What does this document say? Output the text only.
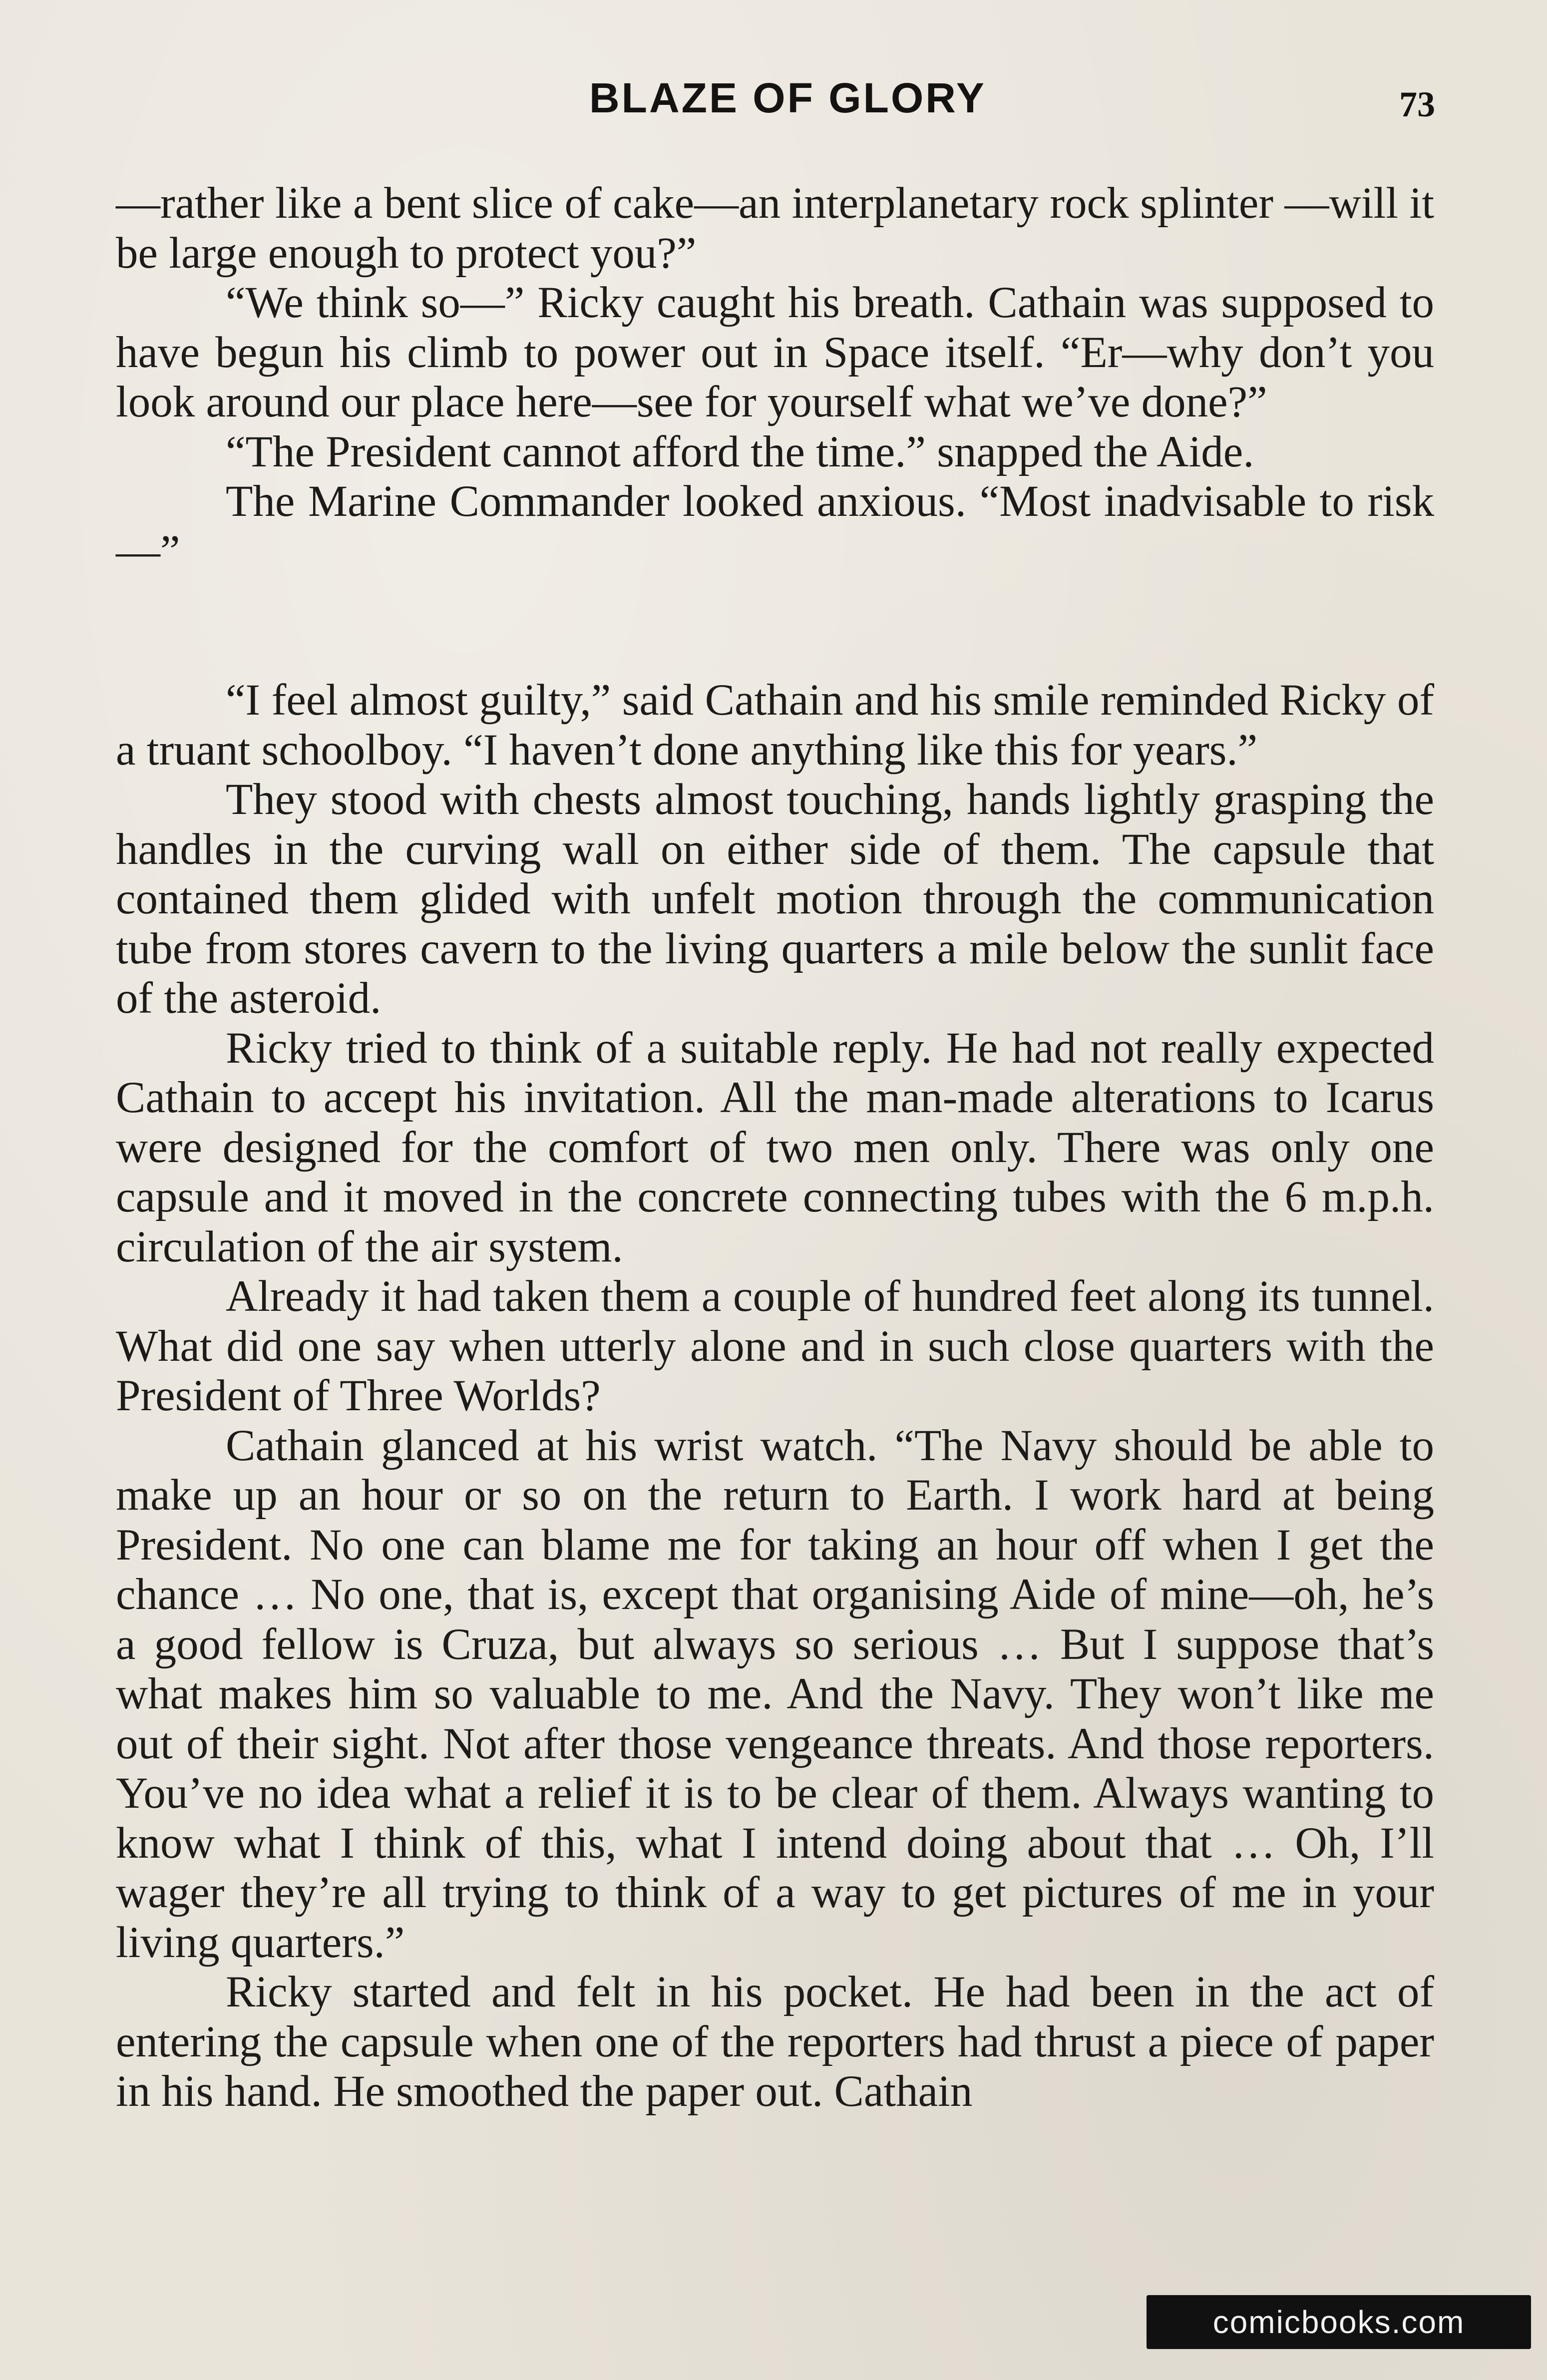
BLAZE OF GLORY	73

—rather like a bent slice of cake—an interplanetary rock splinter —will it be large enough to protect you?”

“We think so—” Ricky caught his breath. Cathain was supposed to have begun his climb to power out in Space itself. “Er—why don’t you look around our place here—see for yourself what we’ve done?”

“The President cannot afford the time.” snapped the Aide.

The Marine Commander looked anxious. “Most inadvisable to risk—”

“I feel almost guilty,” said Cathain and his smile reminded Ricky of a truant schoolboy. “I haven’t done anything like this for years.”

They stood with chests almost touching, hands lightly grasping the handles in the curving wall on either side of them. The capsule that contained them glided with unfelt motion through the communication tube from stores cavern to the living quarters a mile below the sunlit face of the asteroid.

Ricky tried to think of a suitable reply. He had not really expected Cathain to accept his invitation. All the man-made alterations to Icarus were designed for the comfort of two men only. There was only one capsule and it moved in the concrete connecting tubes with the 6 m.p.h. circulation of the air system.

Already it had taken them a couple of hundred feet along its tunnel. What did one say when utterly alone and in such close quarters with the President of Three Worlds?

Cathain glanced at his wrist watch. “The Navy should be able to make up an hour or so on the return to Earth. I work hard at being President. No one can blame me for taking an hour off when I get the chance … No one, that is, except that organising Aide of mine—oh, he’s a good fellow is Cruza, but always so serious … But I suppose that’s what makes him so valuable to me. And the Navy. They won’t like me out of their sight. Not after those vengeance threats. And those reporters. You’ve no idea what a relief it is to be clear of them. Always wanting to know what I think of this, what I intend doing about that … Oh, I’ll wager they’re all trying to think of a way to get pictures of me in your living quarters.”

Ricky started and felt in his pocket. He had been in the act of entering the capsule when one of the reporters had thrust a piece of paper in his hand. He smoothed the paper out. Cathain

comicbooks.com
